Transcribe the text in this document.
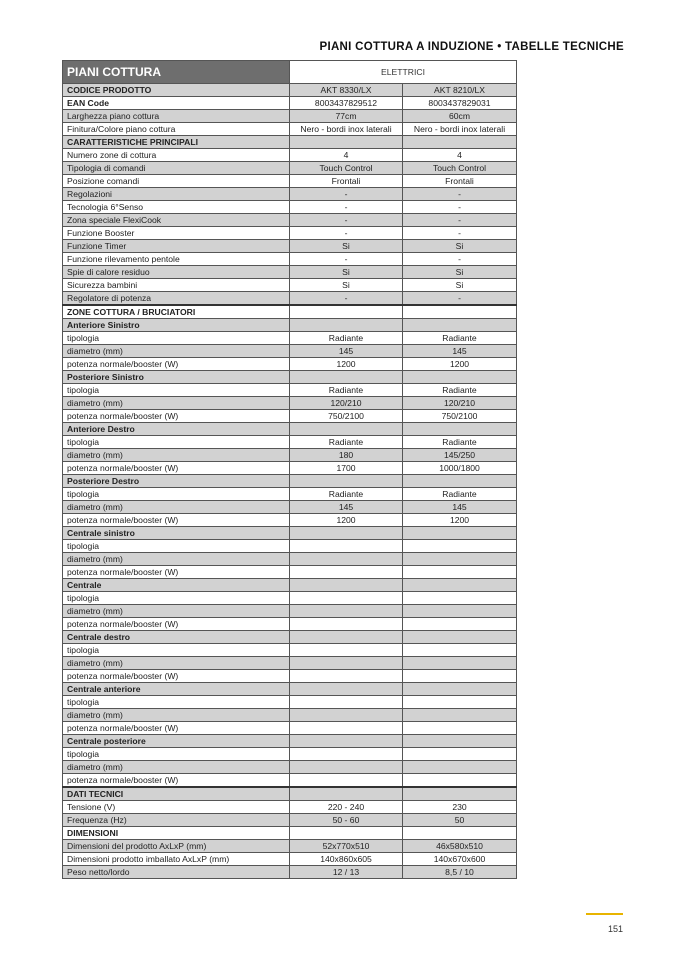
PIANI COTTURA A INDUZIONE • TABELLE TECNICHE
PIANI COTTURA	ELETTRICI	
CODICE PRODOTTO	AKT 8330/LX	AKT 8210/LX
EAN Code	8003437829512	8003437829031
Larghezza piano cottura	77cm	60cm
Finitura/Colore piano cottura	Nero - bordi inox laterali	Nero - bordi inox laterali
CARATTERISTICHE PRINCIPALI		
Numero zone di cottura	4	4
Tipologia di comandi	Touch Control	Touch Control
Posizione comandi	Frontali	Frontali
Regolazioni	-	-
Tecnologia 6°Senso	-	-
Zona speciale FlexiCook	-	-
Funzione Booster	-	-
Funzione Timer	Si	Si
Funzione rilevamento pentole	-	-
Spie di calore residuo	Si	Si
Sicurezza bambini	Si	Si
Regolatore di potenza	-	-
ZONE COTTURA / BRUCIATORI		
Anteriore Sinistro		
tipologia	Radiante	Radiante
diametro (mm)	145	145
potenza normale/booster (W)	1200	1200
Posteriore Sinistro		
tipologia	Radiante	Radiante
diametro (mm)	120/210	120/210
potenza normale/booster (W)	750/2100	750/2100
Anteriore Destro		
tipologia	Radiante	Radiante
diametro (mm)	180	145/250
potenza normale/booster (W)	1700	1000/1800
Posteriore Destro		
tipologia	Radiante	Radiante
diametro (mm)	145	145
potenza normale/booster (W)	1200	1200
Centrale sinistro		
tipologia		
diametro (mm)		
potenza normale/booster (W)		
Centrale		
tipologia		
diametro (mm)		
potenza normale/booster (W)		
Centrale destro		
tipologia		
diametro (mm)		
potenza normale/booster (W)		
Centrale anteriore		
tipologia		
diametro (mm)		
potenza normale/booster (W)		
Centrale posteriore		
tipologia		
diametro (mm)		
potenza normale/booster (W)		
DATI TECNICI		
Tensione (V)	220 - 240	230
Frequenza (Hz)	50 - 60	50
DIMENSIONI		
Dimensioni del prodotto AxLxP (mm)	52x770x510	46x580x510
Dimensioni prodotto imballato AxLxP (mm)	140x860x605	140x670x600
Peso netto/lordo	12 / 13	8,5 / 10
151
